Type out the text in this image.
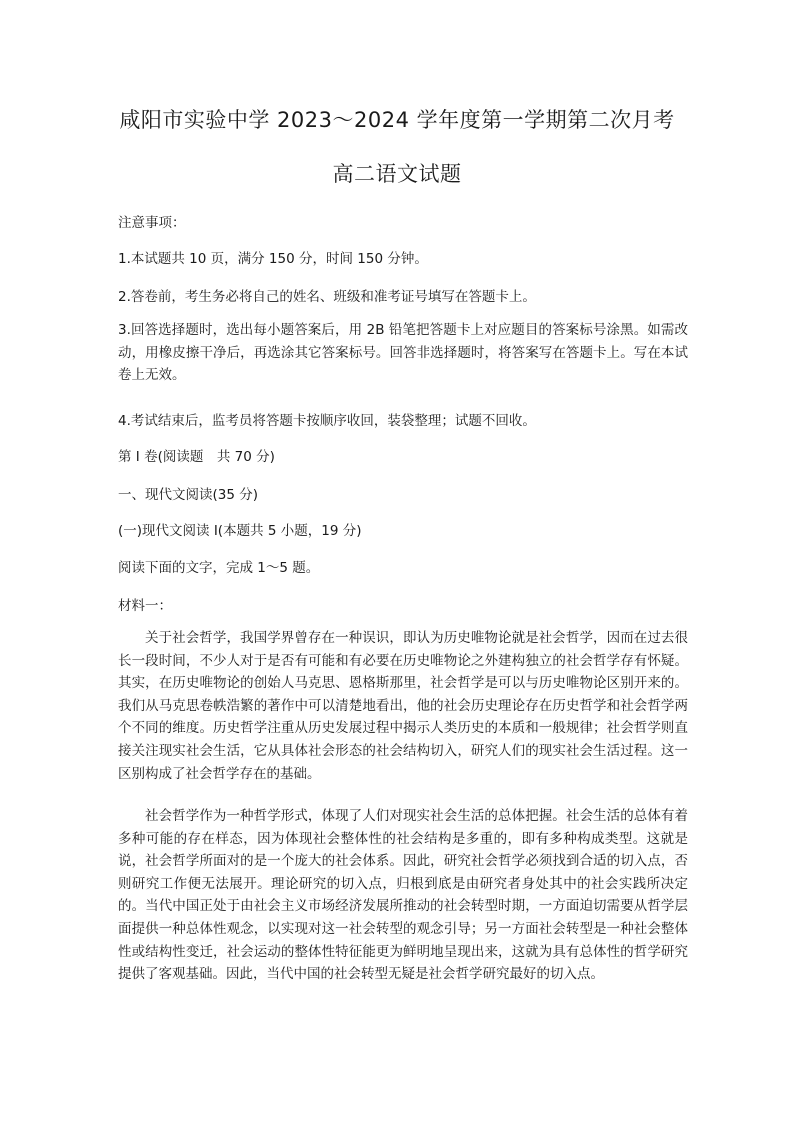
咸阳市实验中学 2023～2024 学年度第一学期第二次月考
高二语文试题
注意事项：
1.本试题共 10 页，满分 150 分，时间 150 分钟。
2.答卷前，考生务必将自己的姓名、班级和准考证号填写在答题卡上。
3.回答选择题时，选出每小题答案后，用 2B 铅笔把答题卡上对应题目的答案标号涂黑。如需改动，用橡皮擦干净后，再选涂其它答案标号。回答非选择题时，将答案写在答题卡上。写在本试卷上无效。
4.考试结束后，监考员将答题卡按顺序收回，装袋整理；试题不回收。
第 I 卷(阅读题　共 70 分)
一、现代文阅读(35 分)
(一)现代文阅读 I(本题共 5 小题，19 分)
阅读下面的文字，完成 1～5 题。
材料一：
关于社会哲学，我国学界曾存在一种误识，即认为历史唯物论就是社会哲学，因而在过去很长一段时间，不少人对于是否有可能和有必要在历史唯物论之外建构独立的社会哲学存有怀疑。其实，在历史唯物论的创始人马克思、恩格斯那里，社会哲学是可以与历史唯物论区别开来的。我们从马克思卷帙浩繁的著作中可以清楚地看出，他的社会历史理论存在历史哲学和社会哲学两个不同的维度。历史哲学注重从历史发展过程中揭示人类历史的本质和一般规律；社会哲学则直接关注现实社会生活，它从具体社会形态的社会结构切入，研究人们的现实社会生活过程。这一区别构成了社会哲学存在的基础。
社会哲学作为一种哲学形式，体现了人们对现实社会生活的总体把握。社会生活的总体有着多种可能的存在样态，因为体现社会整体性的社会结构是多重的，即有多种构成类型。这就是说，社会哲学所面对的是一个庞大的社会体系。因此，研究社会哲学必须找到合适的切入点，否则研究工作便无法展开。理论研究的切入点，归根到底是由研究者身处其中的社会实践所决定的。当代中国正处于由社会主义市场经济发展所推动的社会转型时期，一方面迫切需要从哲学层面提供一种总体性观念，以实现对这一社会转型的观念引导；另一方面社会转型是一种社会整体性或结构性变迁，社会运动的整体性特征能更为鲜明地呈现出来，这就为具有总体性的哲学研究提供了客观基础。因此，当代中国的社会转型无疑是社会哲学研究最好的切入点。
